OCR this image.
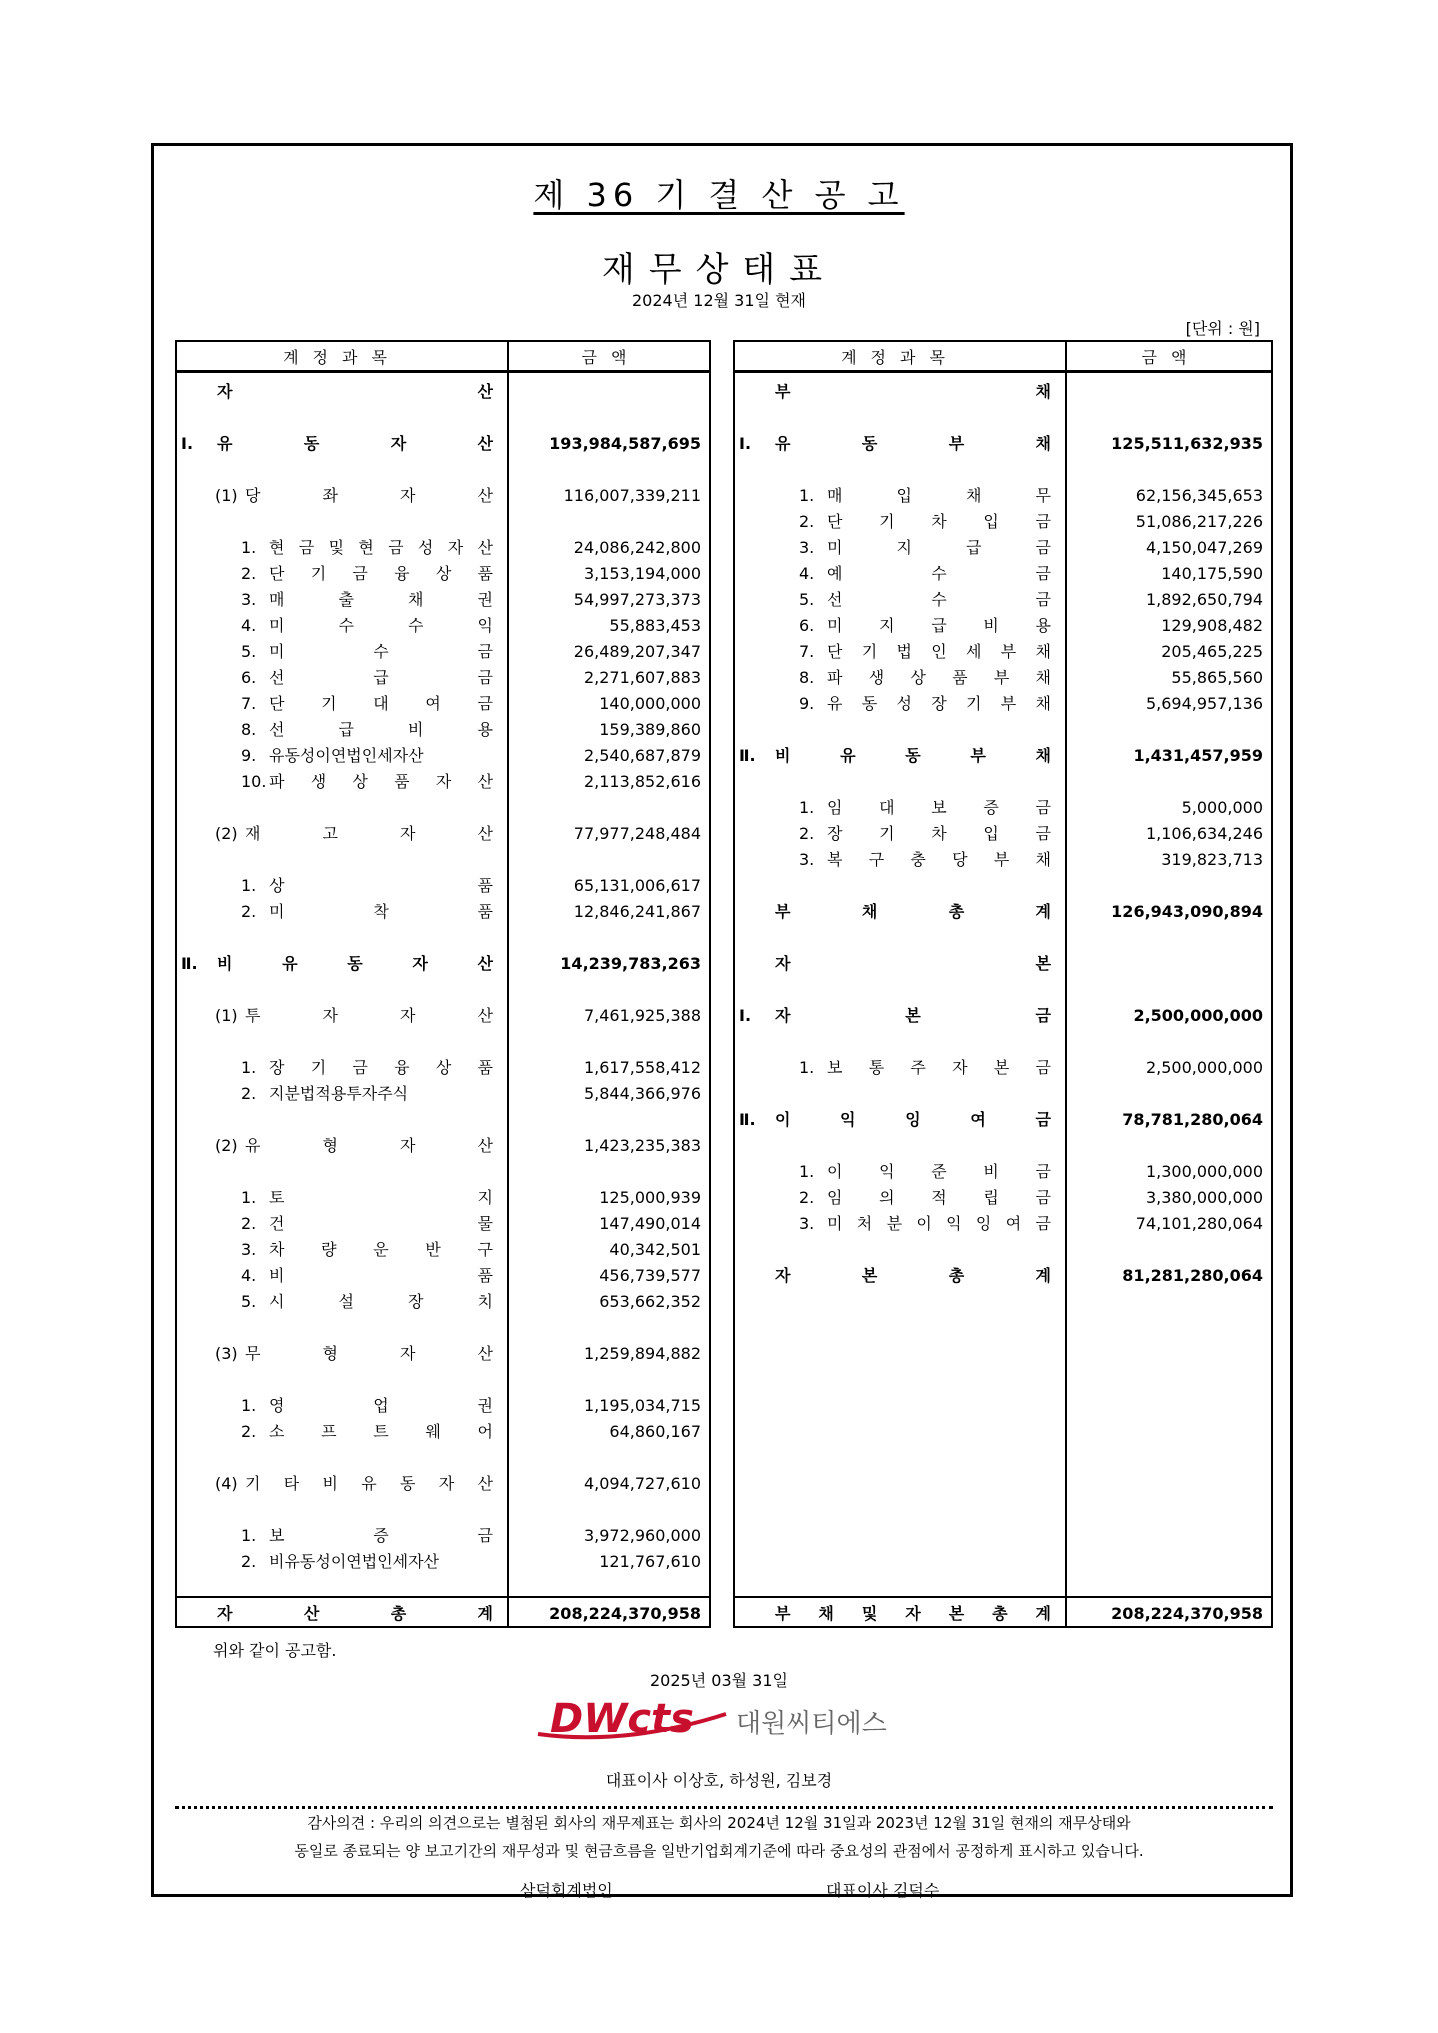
제 36 기 결 산 공 고
재무상태표
2024년 12월 31일 현재
[단위 : 원]
계정과목	금액
자	산
Ⅰ. 유	동	자	산	193,984,587,695
(1) 당	좌	자	산	116,007,339,211
1. 현 금 및 현 금 성 자 산	24,086,242,800
2. 단 기 금 융 상 품	3,153,194,000
3. 매	출	채	권	54,997,273,373
4. 미	수	수	익	55,883,453
5. 미	수	금	26,489,207,347
6. 선	급	금	2,271,607,883
7. 단 기 대 여 금	140,000,000
8. 선	급	비	용	159,389,860
9. 유동성이연법인세자산	2,540,687,879
10. 파 생 상 품 자 산	2,113,852,616
(2) 재	고	자	산	77,977,248,484
1. 상	품	65,131,006,617
2. 미	착	품	12,846,241,867
Ⅱ. 비	유	동	자	산	14,239,783,263
(1) 투	자	자	산	7,461,925,388
1. 장 기 금 융 상 품	1,617,558,412
2. 지분법적용투자주식	5,844,366,976
(2) 유	형	자	산	1,423,235,383
1. 토	지	125,000,939
2. 건	물	147,490,014
3. 차 량 운 반 구	40,342,501
4. 비	품	456,739,577
5. 시	설	장	치	653,662,352
(3) 무	형	자	산	1,259,894,882
1. 영	업	권	1,195,034,715
2. 소 프 트 웨 어	64,860,167
(4) 기 타 비 유 동 자 산	4,094,727,610
1. 보	증	금	3,972,960,000
2. 비유동성이연법인세자산	121,767,610
자	산	총	계	208,224,370,958
계정과목	금액
부	채
Ⅰ. 유	동	부	채	125,511,632,935
1. 매	입	채	무	62,156,345,653
2. 단 기 차 입 금	51,086,217,226
3. 미	지	급	금	4,150,047,269
4. 예	수	금	140,175,590
5. 선	수	금	1,892,650,794
6. 미 지 급 비 용	129,908,482
7. 단 기 법 인 세 부 채	205,465,225
8. 파 생 상 품 부 채	55,865,560
9. 유 동 성 장 기 부 채	5,694,957,136
Ⅱ. 비	유	동	부	채	1,431,457,959
1. 임 대 보 증 금	5,000,000
2. 장 기 차 입 금	1,106,634,246
3. 복 구 충 당 부 채	319,823,713
부	채	총	계	126,943,090,894
자	본
Ⅰ. 자	본	금	2,500,000,000
1. 보 통 주 자 본 금	2,500,000,000
Ⅱ. 이	익	잉	여	금	78,781,280,064
1. 이 익 준 비 금	1,300,000,000
2. 임 의 적 립 금	3,380,000,000
3. 미 처 분 이 익 잉 여 금	74,101,280,064
자	본	총	계	81,281,280,064
부 채 및 자 본 총 계	208,224,370,958
위와 같이 공고함.
2025년 03월 31일
DWcts 대원씨티에스
대표이사 이상호, 하성원, 김보경
감사의견 : 우리의 의견으로는 별첨된 회사의 재무제표는 회사의 2024년 12월 31일과 2023년 12월 31일 현재의 재무상태와
동일로 종료되는 양 보고기간의 재무성과 및 현금흐름을 일반기업회계기준에 따라 중요성의 관점에서 공정하게 표시하고 있습니다.
삼덕회계법인	대표이사 김덕수
